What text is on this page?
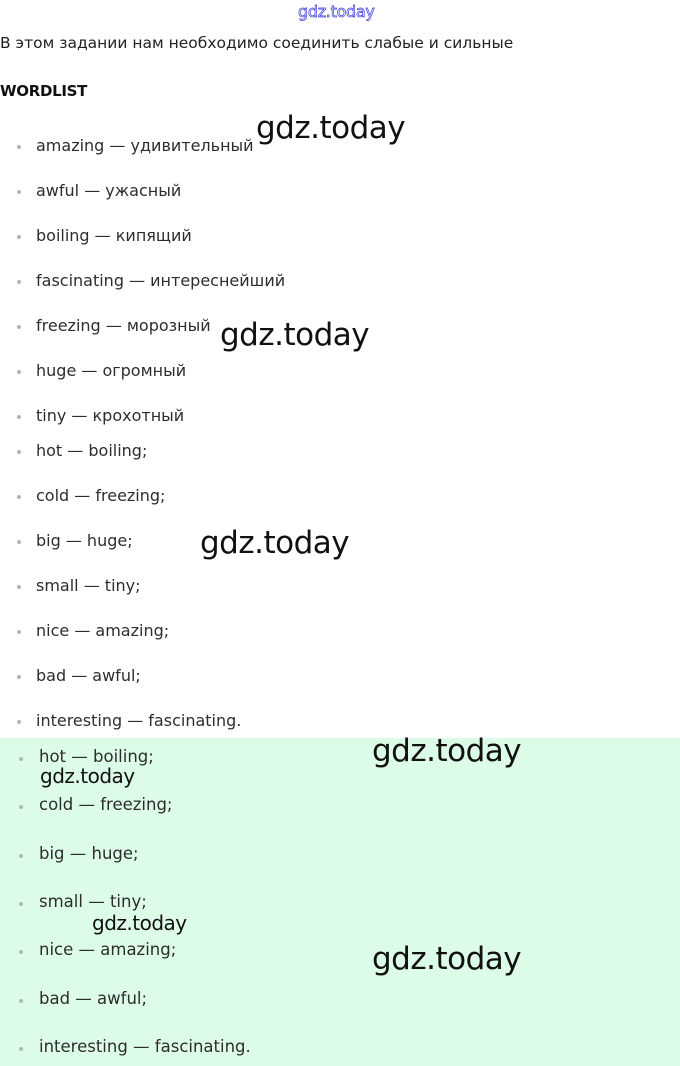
gdz.today
В этом задании нам необходимо соединить слабые и сильные
WORDLIST
amazing — удивительный
awful — ужасный
boiling — кипящий
fascinating — интереснейший
freezing — морозный
huge — огромный
tiny — крохотный
hot — boiling;
cold — freezing;
big — huge;
small — tiny;
nice — amazing;
bad — awful;
interesting — fascinating.
hot — boiling;
cold — freezing;
big — huge;
small — tiny;
nice — amazing;
bad — awful;
interesting — fascinating.
gdz.today
gdz.today
gdz.today
gdz.today
gdz.today
gdz.today
gdz.today
